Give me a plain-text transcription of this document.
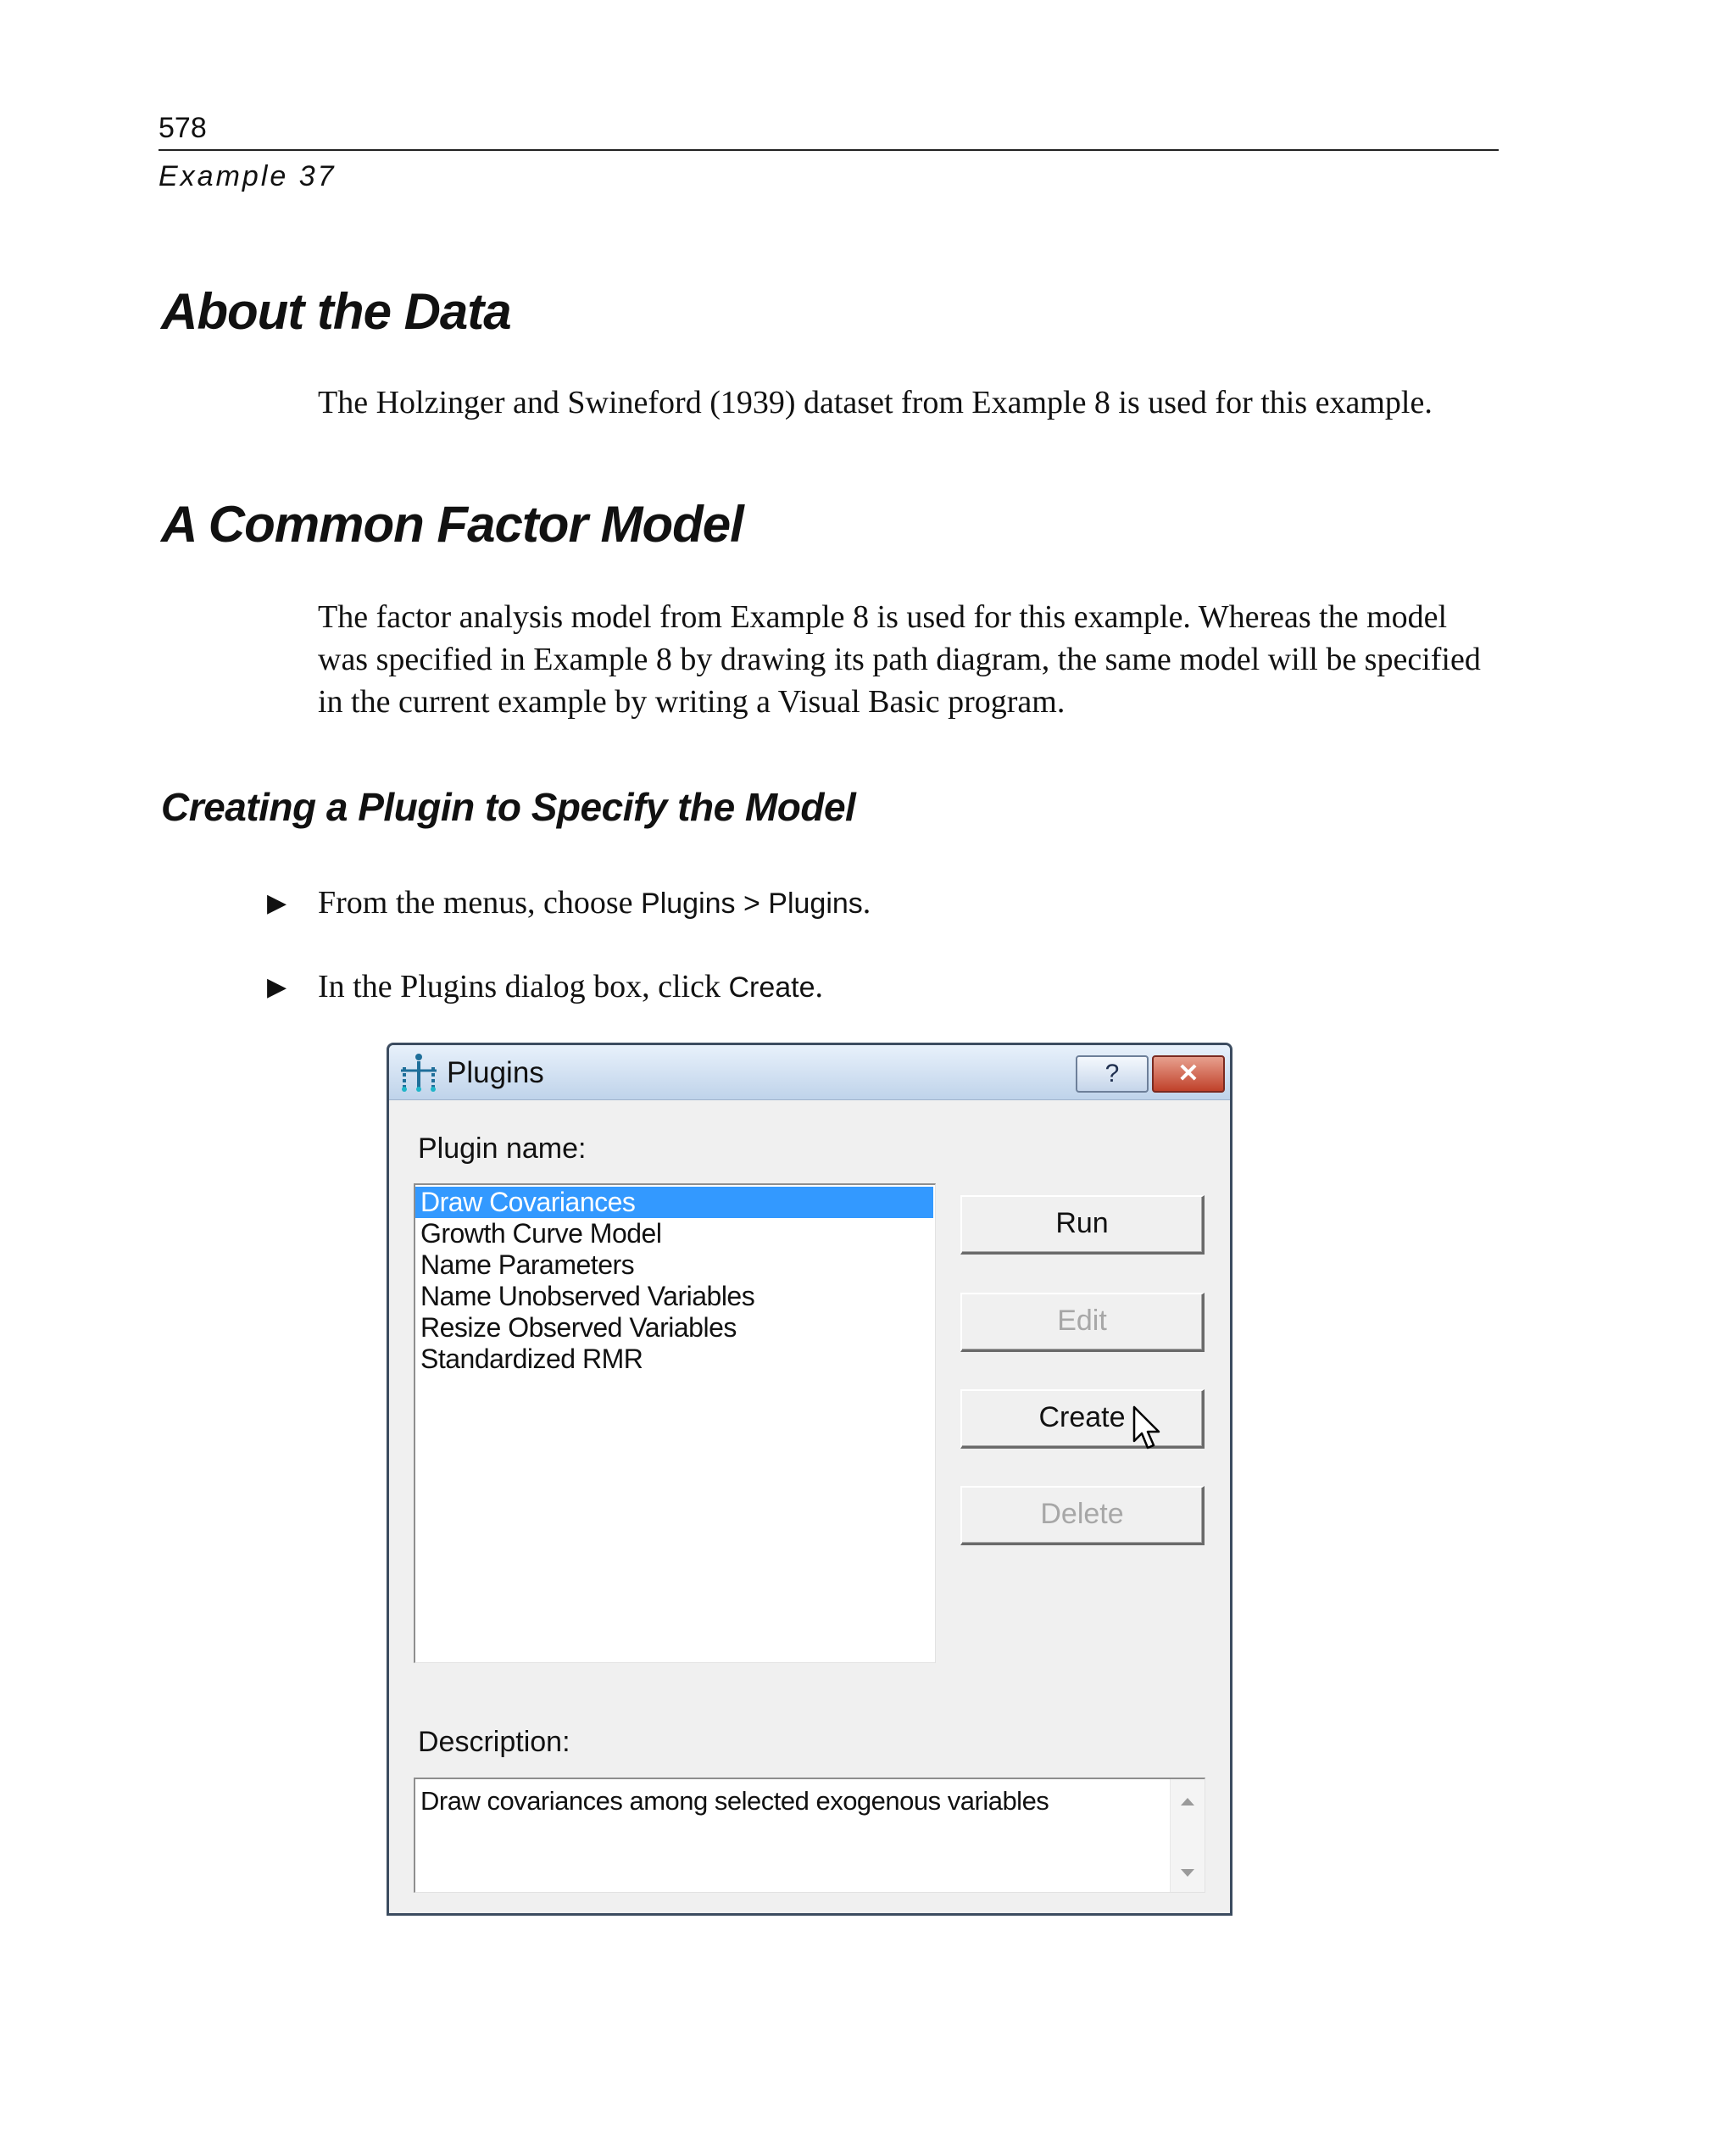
578
Example 37
About the Data
The Holzinger and Swineford (1939) dataset from Example 8 is used for this example.
A Common Factor Model
The factor analysis model from Example 8 is used for this example. Whereas the model was specified in Example 8 by drawing its path diagram, the same model will be specified in the current example by writing a Visual Basic program.
Creating a Plugin to Specify the Model
▶ From the menus, choose Plugins > Plugins.
▶ In the Plugins dialog box, click Create.
Plugins	?	✕
Plugin name:
Draw Covariances
Growth Curve Model
Name Parameters
Name Unobserved Variables
Resize Observed Variables
Standardized RMR
Run
Edit
Create
Delete
Description:
Draw covariances among selected exogenous variables
